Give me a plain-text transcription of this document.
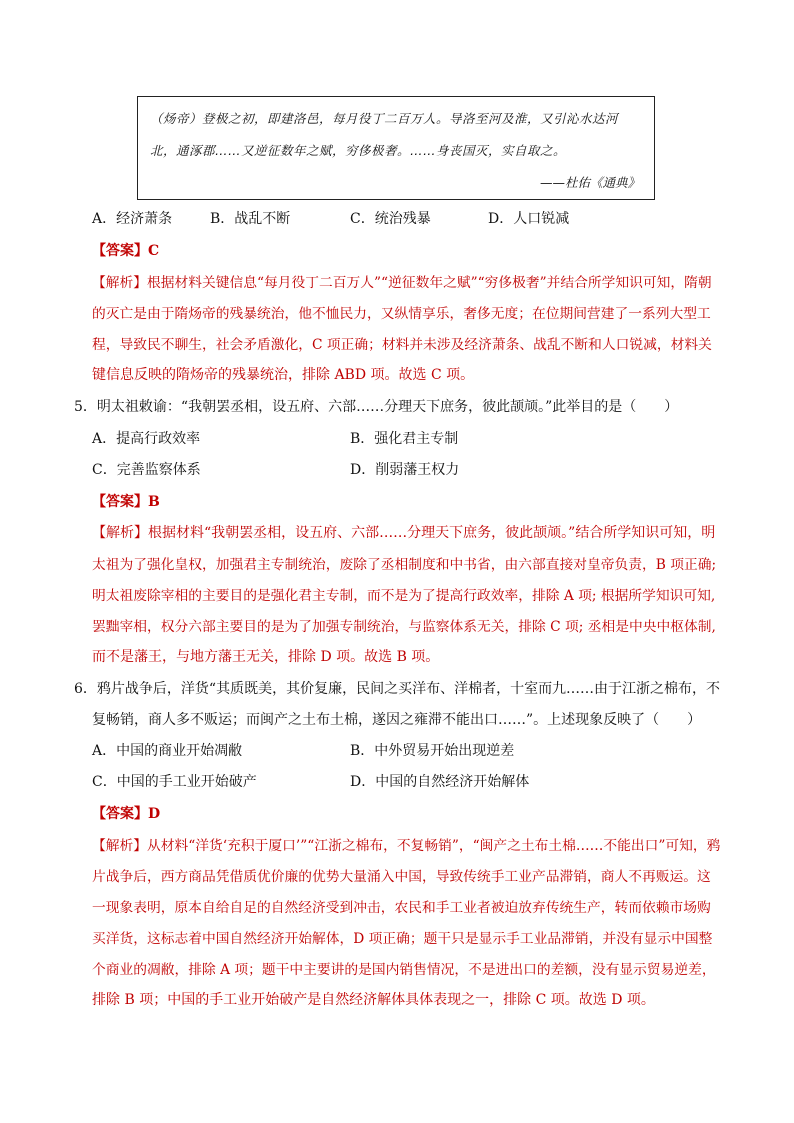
（炀帝）登极之初，即建洛邑，每月役丁二百万人。导洛至河及淮，又引沁水达河
北，通涿郡……又逆征数年之赋，穷侈极奢。……身丧国灭，实自取之。
——杜佑《通典》
A．经济萧条	B．战乱不断	C．统治残暴	D．人口锐减
【答案】C
【解析】根据材料关键信息“每月役丁二百万人”“逆征数年之赋”“穷侈极奢”并结合所学知识可知，隋朝
的灭亡是由于隋炀帝的残暴统治，他不恤民力，又纵情享乐，奢侈无度；在位期间营建了一系列大型工
程，导致民不聊生，社会矛盾激化，C 项正确；材料并未涉及经济萧条、战乱不断和人口锐减，材料关
键信息反映的隋炀帝的残暴统治，排除 ABD 项。故选 C 项。
5．明太祖敕谕：“我朝罢丞相，设五府、六部……分理天下庶务，彼此颉颃。”此举目的是（　　）
A．提高行政效率	B．强化君主专制
C．完善监察体系	D．削弱藩王权力
【答案】B
【解析】根据材料“我朝罢丞相，设五府、六部……分理天下庶务，彼此颉颃。”结合所学知识可知，明
太祖为了强化皇权，加强君主专制统治，废除了丞相制度和中书省，由六部直接对皇帝负责，B 项正确;
明太祖废除宰相的主要目的是强化君主专制，而不是为了提高行政效率，排除 A 项; 根据所学知识可知,
罢黜宰相，权分六部主要目的是为了加强专制统治，与监察体系无关，排除 C 项; 丞相是中央中枢体制,
而不是藩王，与地方藩王无关，排除 D 项。故选 B 项。
6．鸦片战争后，洋货“其质既美，其价复廉，民间之买洋布、洋棉者，十室而九……由于江浙之棉布，不
复畅销，商人多不贩运；而闽产之土布土棉，遂因之雍滞不能出口……”。上述现象反映了（　　）
A．中国的商业开始凋敝	B．中外贸易开始出现逆差
C．中国的手工业开始破产	D．中国的自然经济开始解体
【答案】D
【解析】从材料“洋货‘充积于厦口’”“江浙之棉布，不复畅销”，“闽产之土布土棉……不能出口”可知，鸦
片战争后，西方商品凭借质优价廉的优势大量涌入中国，导致传统手工业产品滞销，商人不再贩运。这
一现象表明，原本自给自足的自然经济受到冲击，农民和手工业者被迫放弃传统生产，转而依赖市场购
买洋货，这标志着中国自然经济开始解体，D 项正确；题干只是显示手工业品滞销，并没有显示中国整
个商业的凋敝，排除 A 项；题干中主要讲的是国内销售情况，不是进出口的差额，没有显示贸易逆差，
排除 B 项；中国的手工业开始破产是自然经济解体具体表现之一，排除 C 项。故选 D 项。
